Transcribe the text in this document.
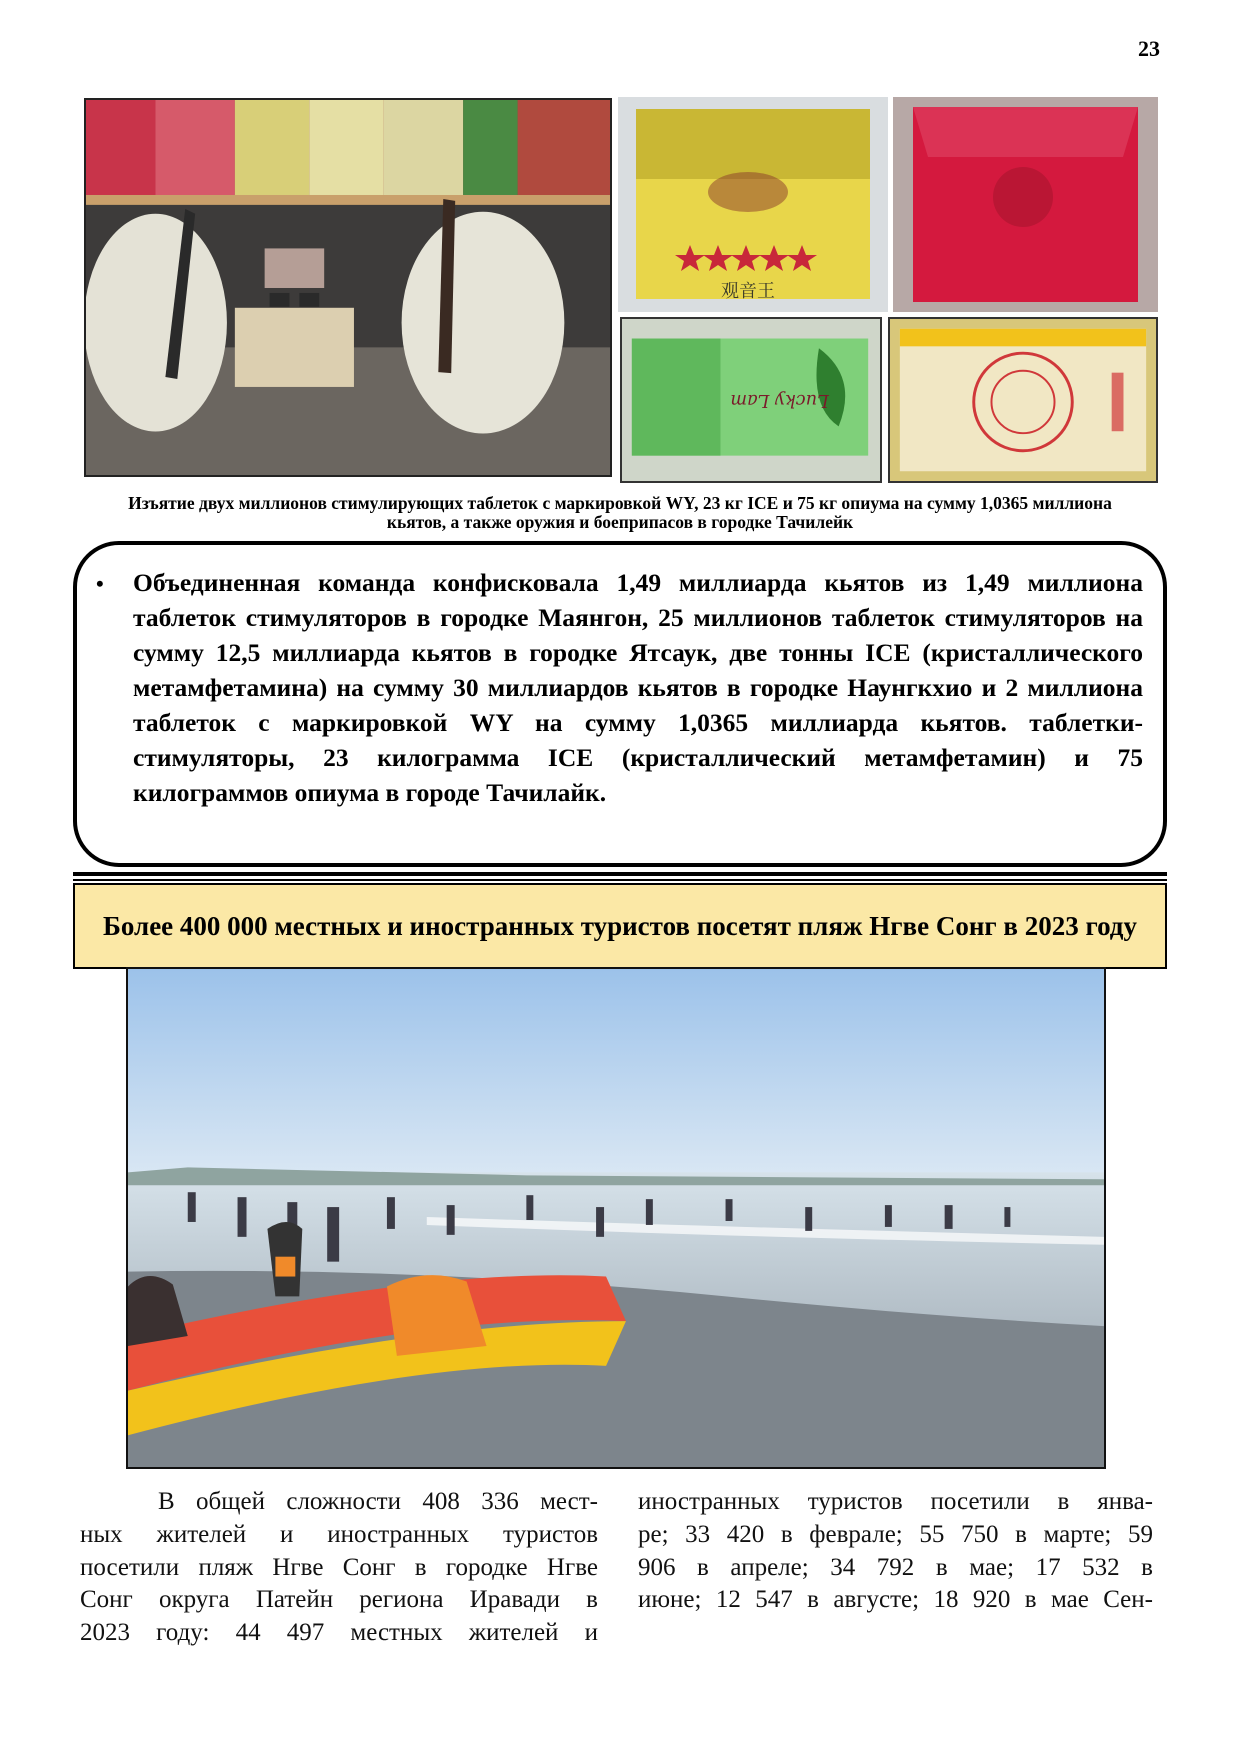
23
观音王
Lucky Lam
Изъятие двух миллионов стимулирующих таблеток с маркировкой WY, 23 кг ICE и 75 кг опиума на сумму 1,0365 миллиона кьятов, а также оружия и боеприпасов в городке Тачилейк
• Объединенная команда конфисковала 1,49 миллиарда кьятов из 1,49 миллиона таблеток стимуляторов в городке Маянгон, 25 миллионов таблеток стимуляторов на сумму 12,5 миллиарда кьятов в городке Ятсаук, две тонны ICE (кристаллического метамфетамина) на сумму 30 миллиардов кьятов в городке Наунгкхио и 2 миллиона таблеток с маркировкой WY на сумму 1,0365 миллиарда кьятов. таблетки-стимуляторы, 23 килограмма ICE (кристаллический метамфетамин) и 75 килограммов опиума в городе Тачилайк.
Более 400 000 местных и иностранных туристов посетят пляж Нгве Сонг в 2023 году
В общей сложности 408 336 мест-
ных жителей и иностранных туристов
посетили пляж Нгве Сонг в городке Нгве
Сонг округа Патейн региона Иравади в
2023 году: 44 497 местных жителей и
иностранных туристов посетили в янва-
ре; 33 420 в феврале; 55 750 в марте; 59
906 в апреле; 34 792 в мае; 17 532 в
июне; 12 547 в августе; 18 920 в мае Сен-
